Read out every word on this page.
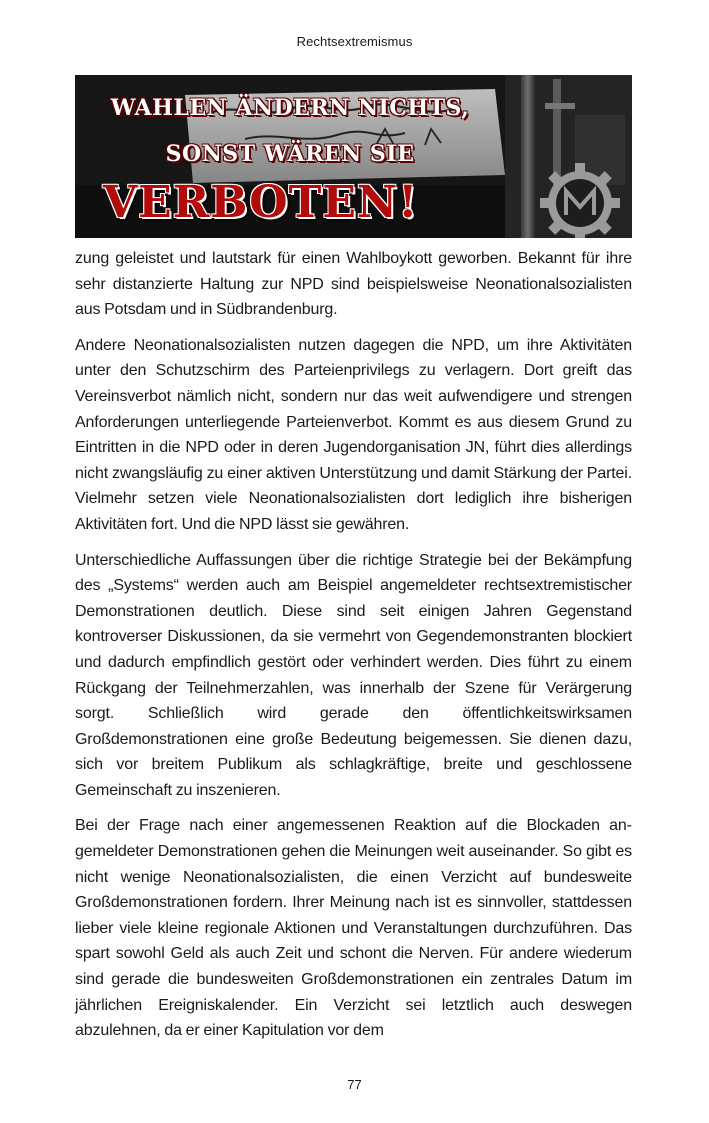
Rechtsextremismus
WAHLEN ÄNDERN NICHTS,
SONST WÄREN SIE
VERBOTEN!

zung geleistet und lautstark für einen Wahlboykott geworben. Bekannt für ihre sehr distanzierte Haltung zur NPD sind beispielsweise Neonationalsozialisten aus Potsdam und in Südbrandenburg.

Andere Neonationalsozialisten nutzen dagegen die NPD, um ihre Aktivitäten unter den Schutzschirm des Parteienprivilegs zu verlagern. Dort greift das Vereinsverbot nämlich nicht, sondern nur das weit aufwendigere und strengen Anforderungen unterliegende Parteienverbot. Kommt es aus diesem Grund zu Eintritten in die NPD oder in deren Jugendorganisation JN, führt dies allerdings nicht zwangsläufig zu einer aktiven Unterstützung und damit Stärkung der Partei. Vielmehr setzen viele Neonationalsozialisten dort lediglich ihre bisherigen Aktivitäten fort. Und die NPD lässt sie gewähren.

Unterschiedliche Auffassungen über die richtige Strategie bei der Bekämpfung des „Systems“ werden auch am Beispiel angemeldeter rechtsextremistischer Demonstrationen deutlich. Diese sind seit einigen Jahren Gegenstand kontroverser Diskussionen, da sie vermehrt von Gegendemonstranten blockiert und dadurch empfindlich gestört oder verhindert werden. Dies führt zu einem Rückgang der Teilnehmerzahlen, was innerhalb der Szene für Verärgerung sorgt. Schließlich wird gerade den öffentlichkeitswirksamen Großdemonstrationen eine große Bedeutung beigemessen. Sie dienen dazu, sich vor breitem Publikum als schlagkräftige, breite und geschlossene Gemeinschaft zu inszenieren.

Bei der Frage nach einer angemessenen Reaktion auf die Blockaden angemeldeter Demonstrationen gehen die Meinungen weit auseinander. So gibt es nicht wenige Neonationalsozialisten, die einen Verzicht auf bundesweite Großdemonstrationen fordern. Ihrer Meinung nach ist es sinnvoller, stattdessen lieber viele kleine regionale Aktionen und Veranstaltungen durchzuführen. Das spart sowohl Geld als auch Zeit und schont die Nerven. Für andere wiederum sind gerade die bundesweiten Großdemonstrationen ein zentrales Datum im jährlichen Ereigniskalender. Ein Verzicht sei letztlich auch deswegen abzulehnen, da er einer Kapitulation vor dem

77
